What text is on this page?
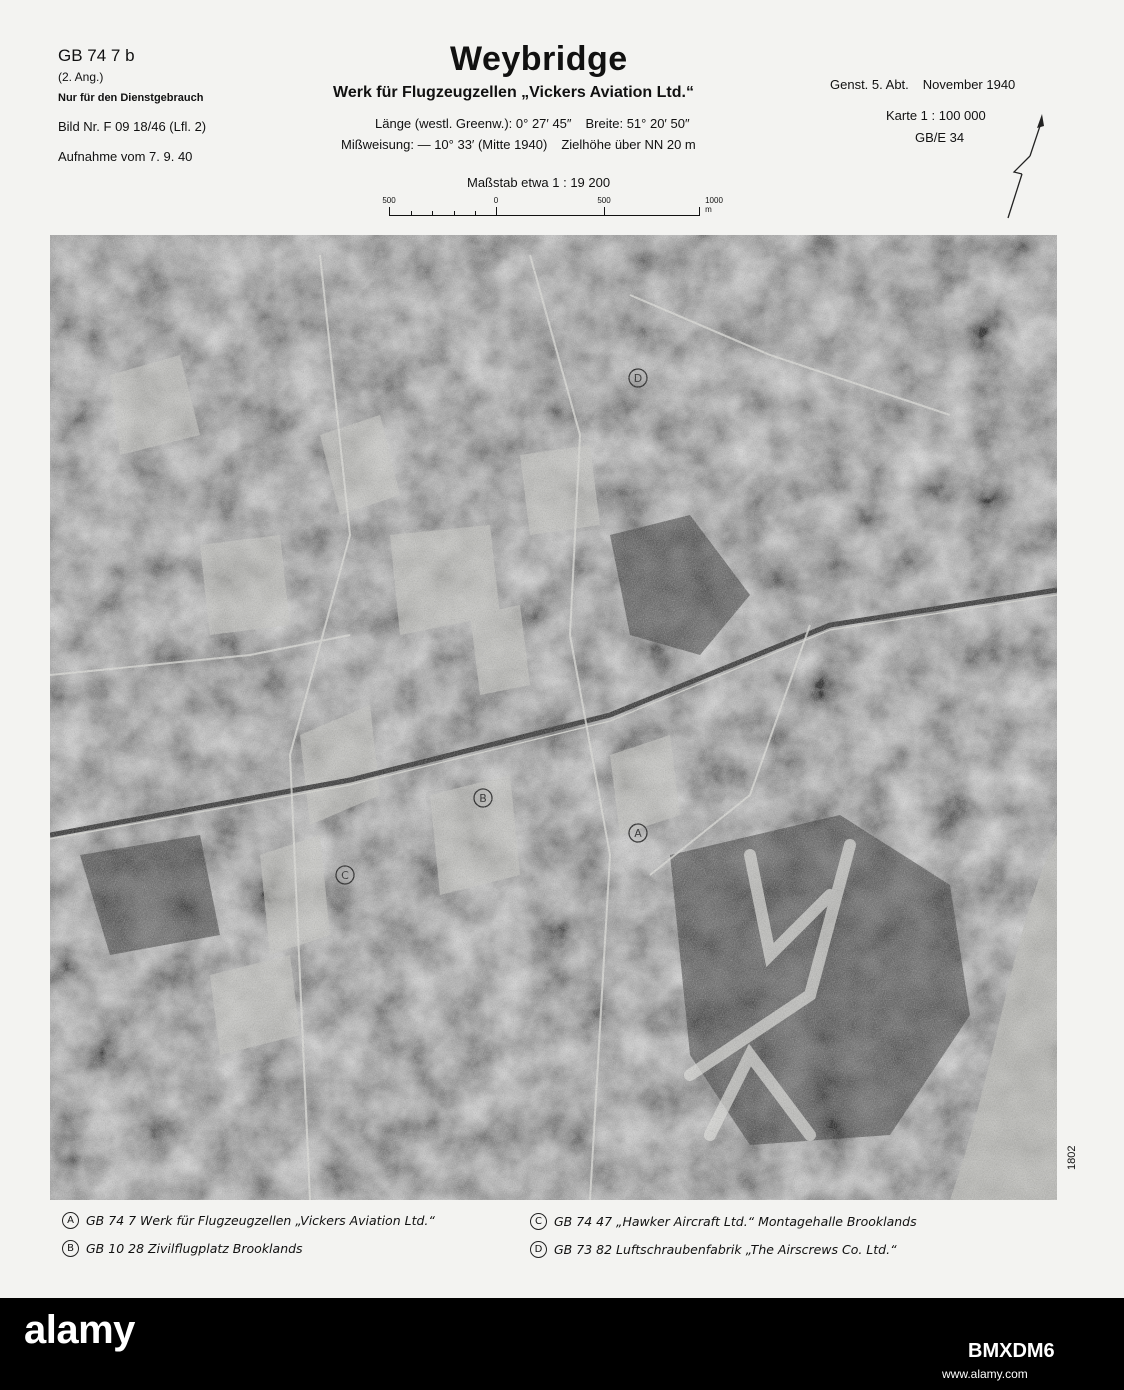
GB 74 7 b
(2. Ang.)
Nur für den Dienstgebrauch
Bild Nr. F 09 18/46 (Lfl. 2)
Aufnahme vom 7. 9. 40
Weybridge
Werk für Flugzeugzellen „Vickers Aviation Ltd.“
Länge (westl. Greenw.): 0° 27′ 45″ Breite: 51° 20′ 50″
Mißweisung: — 10° 33′ (Mitte 1940) Zielhöhe über NN 20 m
Genst. 5. Abt. November 1940
Karte 1 : 100 000
GB/E 34
Maßstab etwa 1 : 19 200
500	0	500	1000 m
1802
A GB 74 7 Werk für Flugzeugzellen „Vickers Aviation Ltd.“
B GB 10 28 Zivilflugplatz Brooklands
C GB 74 47 „Hawker Aircraft Ltd.“ Montagehalle Brooklands
D GB 73 82 Luftschraubenfabrik „The Airscrews Co. Ltd.“
alamy	BMXDM6
www.alamy.com
